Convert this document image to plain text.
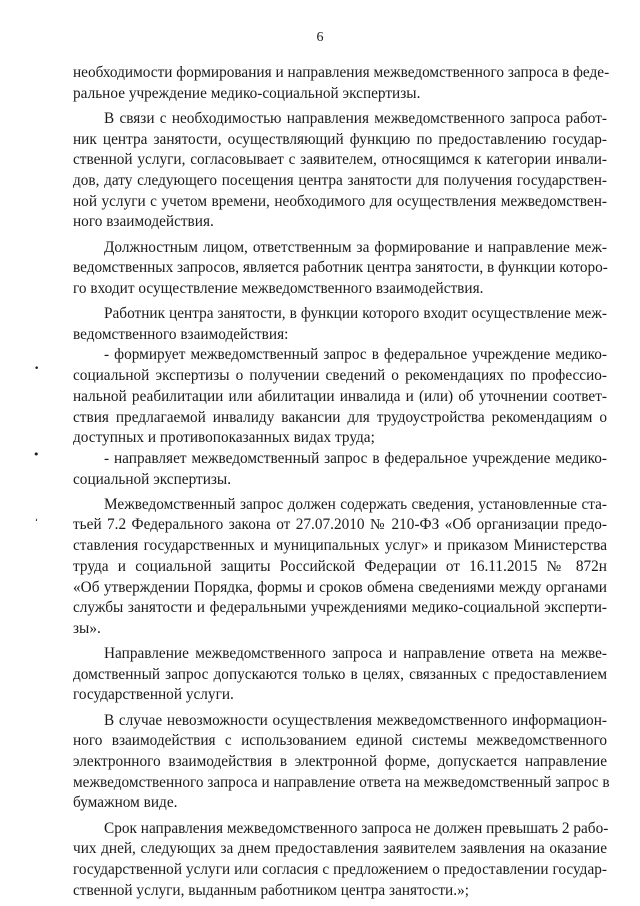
6
необходимости формирования и направления межведомственного запроса в феде-
ральное учреждение медико-социальной экспертизы.
В связи с необходимостью направления межведомственного запроса работ-
ник центра занятости, осуществляющий функцию по предоставлению государ-
ственной услуги, согласовывает с заявителем, относящимся к категории инвали-
дов, дату следующего посещения центра занятости для получения государствен-
ной услуги с учетом времени, необходимого для осуществления межведомствен-
ного взаимодействия.
Должностным лицом, ответственным за формирование и направление меж-
ведомственных запросов, является работник центра занятости, в функции которо-
го входит осуществление межведомственного взаимодействия.
Работник центра занятости, в функции которого входит осуществление меж-
ведомственного взаимодействия:
- формирует межведомственный запрос в федеральное учреждение медико-
социальной экспертизы о получении сведений о рекомендациях по профессио-
нальной реабилитации или абилитации инвалида и (или) об уточнении соответ-
ствия предлагаемой инвалиду вакансии для трудоустройства рекомендациям о
доступных и противопоказанных видах труда;
- направляет межведомственный запрос в федеральное учреждение медико-
социальной экспертизы.
Межведомственный запрос должен содержать сведения, установленные ста-
тьей 7.2 Федерального закона от 27.07.2010 № 210-ФЗ «Об организации предо-
ставления государственных и муниципальных услуг» и приказом Министерства
труда и социальной защиты Российской Федерации от 16.11.2015 № 872н
«Об утверждении Порядка, формы и сроков обмена сведениями между органами
службы занятости и федеральными учреждениями медико-социальной эксперти-
зы».
Направление межведомственного запроса и направление ответа на межве-
домственный запрос допускаются только в целях, связанных с предоставлением
государственной услуги.
В случае невозможности осуществления межведомственного информацион-
ного взаимодействия с использованием единой системы межведомственного
электронного взаимодействия в электронной форме, допускается направление
межведомственного запроса и направление ответа на межведомственный запрос в
бумажном виде.
Срок направления межведомственного запроса не должен превышать 2 рабо-
чих дней, следующих за днем предоставления заявителем заявления на оказание
государственной услуги или согласия с предложением о предоставлении государ-
ственной услуги, выданным работником центра занятости.»;
•
•
ʻ
